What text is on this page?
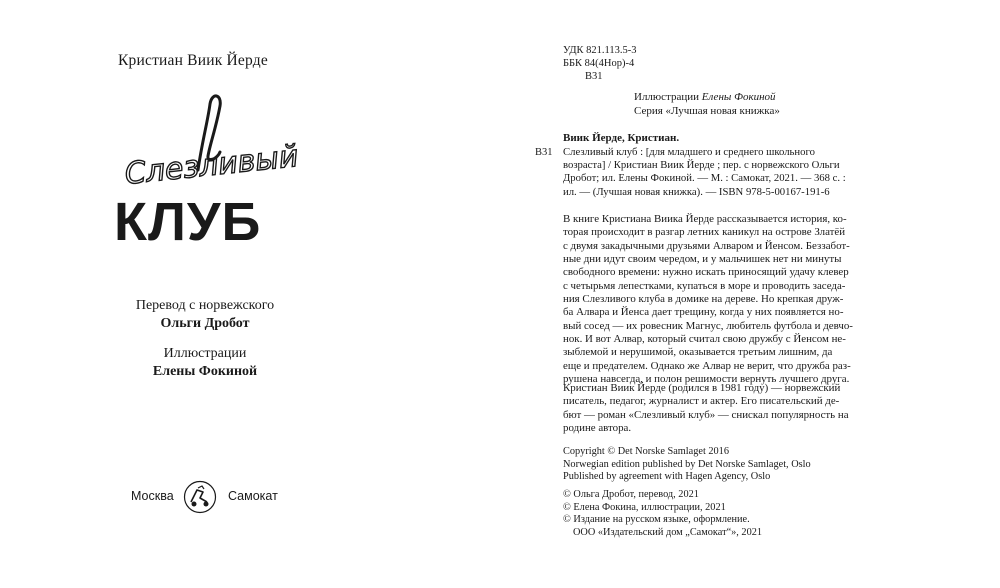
Кристиан Виик Йерде
Слезливый
КЛУБ
Перевод с норвежского
Ольги Дробот
Иллюстрации
Елены Фокиной
Москва	Самокат
УДК 821.113.5-3
ББК 84(4Нор)-4
В31
Иллюстрации Елены Фокиной
Серия «Лучшая новая книжка»
Виик Йерде, Кристиан.
В31 Слезливый клуб : [для младшего и среднего школьного
возраста] / Кристиан Виик Йерде ; пер. с норвежского Ольги
Дробот; ил. Елены Фокиной. — М. : Самокат, 2021. — 368 с. :
ил. — (Лучшая новая книжка). — ISBN 978-5-00167-191-6
В книге Кристиана Виика Йерде рассказывается история, ко-
торая происходит в разгар летних каникул на острове Златёй
с двумя закадычными друзьями Алваром и Йенсом. Беззабот-
ные дни идут своим чередом, и у мальчишек нет ни минуты
свободного времени: нужно искать приносящий удачу клевер
с четырьмя лепестками, купаться в море и проводить заседа-
ния Слезливого клуба в домике на дереве. Но крепкая друж-
ба Алвара и Йенса дает трещину, когда у них появляется но-
вый сосед — их ровесник Магнус, любитель футбола и девчо-
нок. И вот Алвар, который считал свою дружбу с Йенсом не-
зыблемой и нерушимой, оказывается третьим лишним, да
еще и предателем. Однако же Алвар не верит, что дружба раз-
рушена навсегда, и полон решимости вернуть лучшего друга.
Кристиан Виик Йерде (родился в 1981 году) — норвежский
писатель, педагог, журналист и актер. Его писательский де-
бют — роман «Слезливый клуб» — снискал популярность на
родине автора.
Copyright © Det Norske Samlaget 2016
Norwegian edition published by Det Norske Samlaget, Oslo
Published by agreement with Hagen Agency, Oslo
© Ольга Дробот, перевод, 2021
© Елена Фокина, иллюстрации, 2021
© Издание на русском языке, оформление.
ООО «Издательский дом „Самокат“», 2021
